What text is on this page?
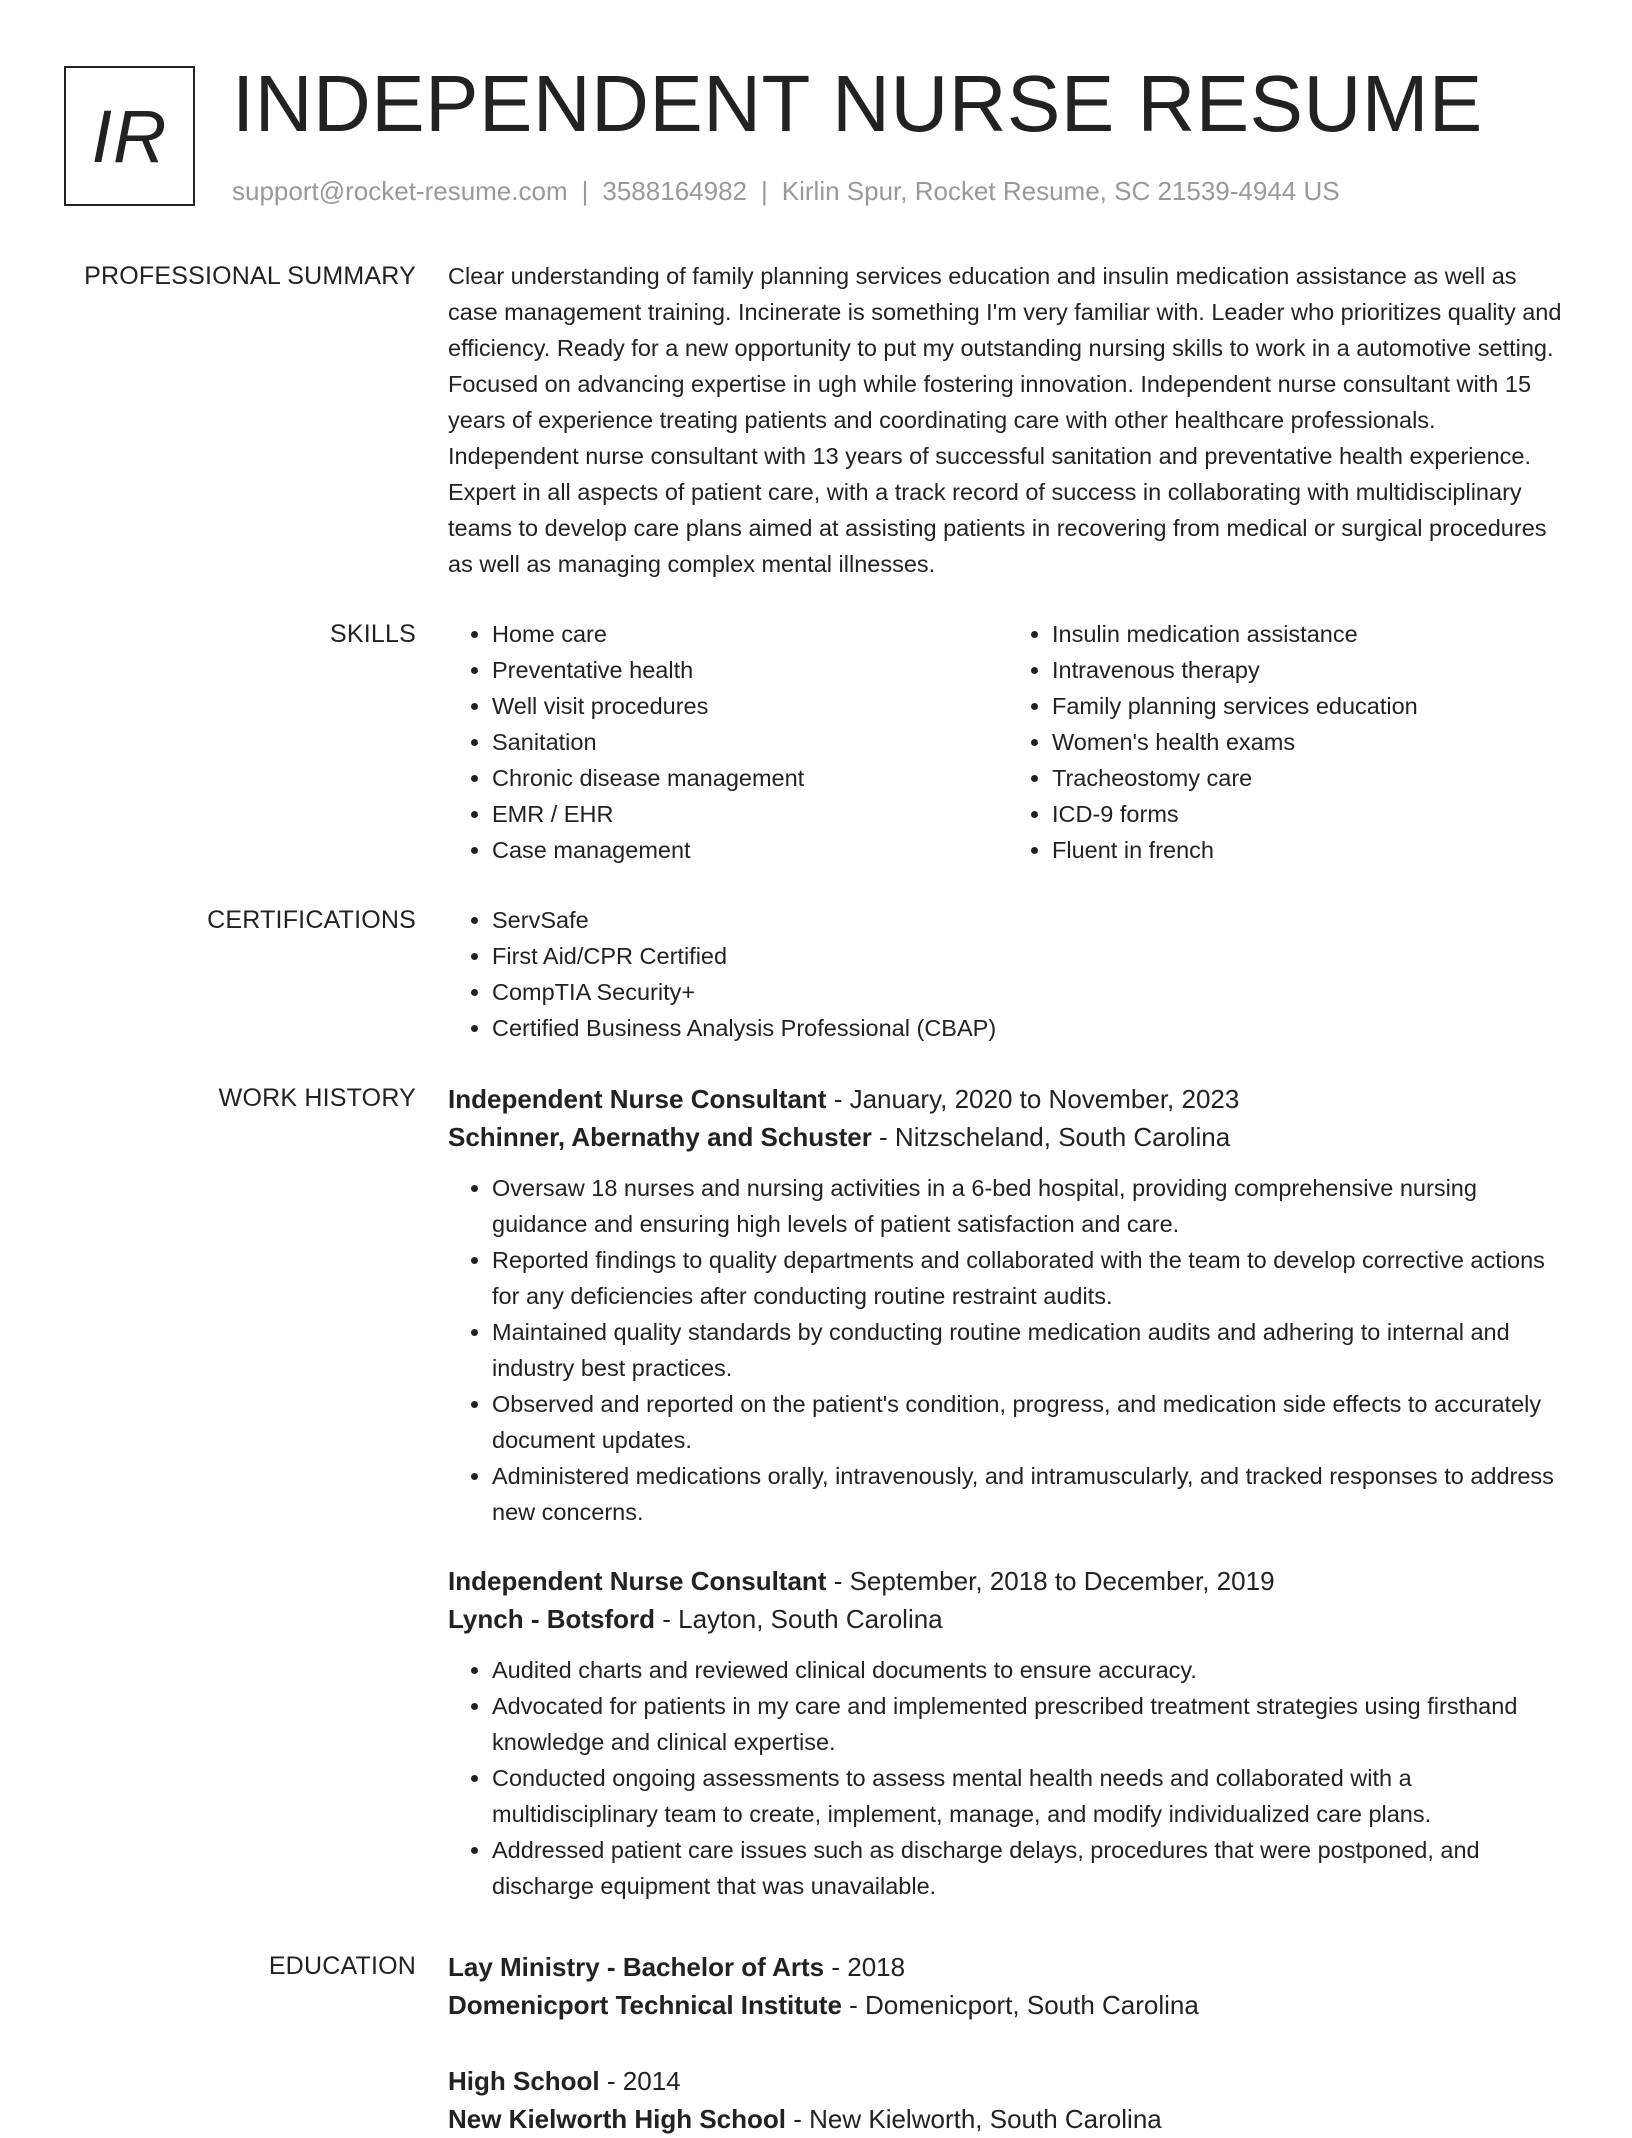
IR INDEPENDENT NURSE RESUME
support@rocket-resume.com | 3588164982 | Kirlin Spur, Rocket Resume, SC 21539-4944 US
PROFESSIONAL SUMMARY Clear understanding of family planning services education and insulin medication assistance as well as case management training. Incinerate is something I'm very familiar with. Leader who prioritizes quality and efficiency. Ready for a new opportunity to put my outstanding nursing skills to work in a automotive setting. Focused on advancing expertise in ugh while fostering innovation. Independent nurse consultant with 15 years of experience treating patients and coordinating care with other healthcare professionals. Independent nurse consultant with 13 years of successful sanitation and preventative health experience. Expert in all aspects of patient care, with a track record of success in collaborating with multidisciplinary teams to develop care plans aimed at assisting patients in recovering from medical or surgical procedures as well as managing complex mental illnesses.

SKILLS	• Home care
• Preventative health
• Well visit procedures
• Sanitation
• Chronic disease management
• EMR / EHR
• Case management
• Insulin medication assistance
• Intravenous therapy
• Family planning services education
• Women's health exams
• Tracheostomy care
• ICD-9 forms
• Fluent in french
CERTIFICATIONS	• ServSafe
• First Aid/CPR Certified
• CompTIA Security+
• Certified Business Analysis Professional (CBAP)
WORK HISTORY Independent Nurse Consultant - January, 2020 to November, 2023
Schinner, Abernathy and Schuster - Nitzscheland, South Carolina
• Oversaw 18 nurses and nursing activities in a 6-bed hospital, providing comprehensive nursing guidance and ensuring high levels of patient satisfaction and care.
• Reported findings to quality departments and collaborated with the team to develop corrective actions for any deficiencies after conducting routine restraint audits.
• Maintained quality standards by conducting routine medication audits and adhering to internal and industry best practices.
• Observed and reported on the patient's condition, progress, and medication side effects to accurately document updates.
• Administered medications orally, intravenously, and intramuscularly, and tracked responses to address new concerns.
Independent Nurse Consultant - September, 2018 to December, 2019
Lynch - Botsford - Layton, South Carolina
• Audited charts and reviewed clinical documents to ensure accuracy.
• Advocated for patients in my care and implemented prescribed treatment strategies using firsthand knowledge and clinical expertise.
• Conducted ongoing assessments to assess mental health needs and collaborated with a multidisciplinary team to create, implement, manage, and modify individualized care plans.
• Addressed patient care issues such as discharge delays, procedures that were postponed, and discharge equipment that was unavailable.
EDUCATION Lay Ministry - Bachelor of Arts - 2018
Domenicport Technical Institute - Domenicport, South Carolina
High School - 2014
New Kielworth High School - New Kielworth, South Carolina
